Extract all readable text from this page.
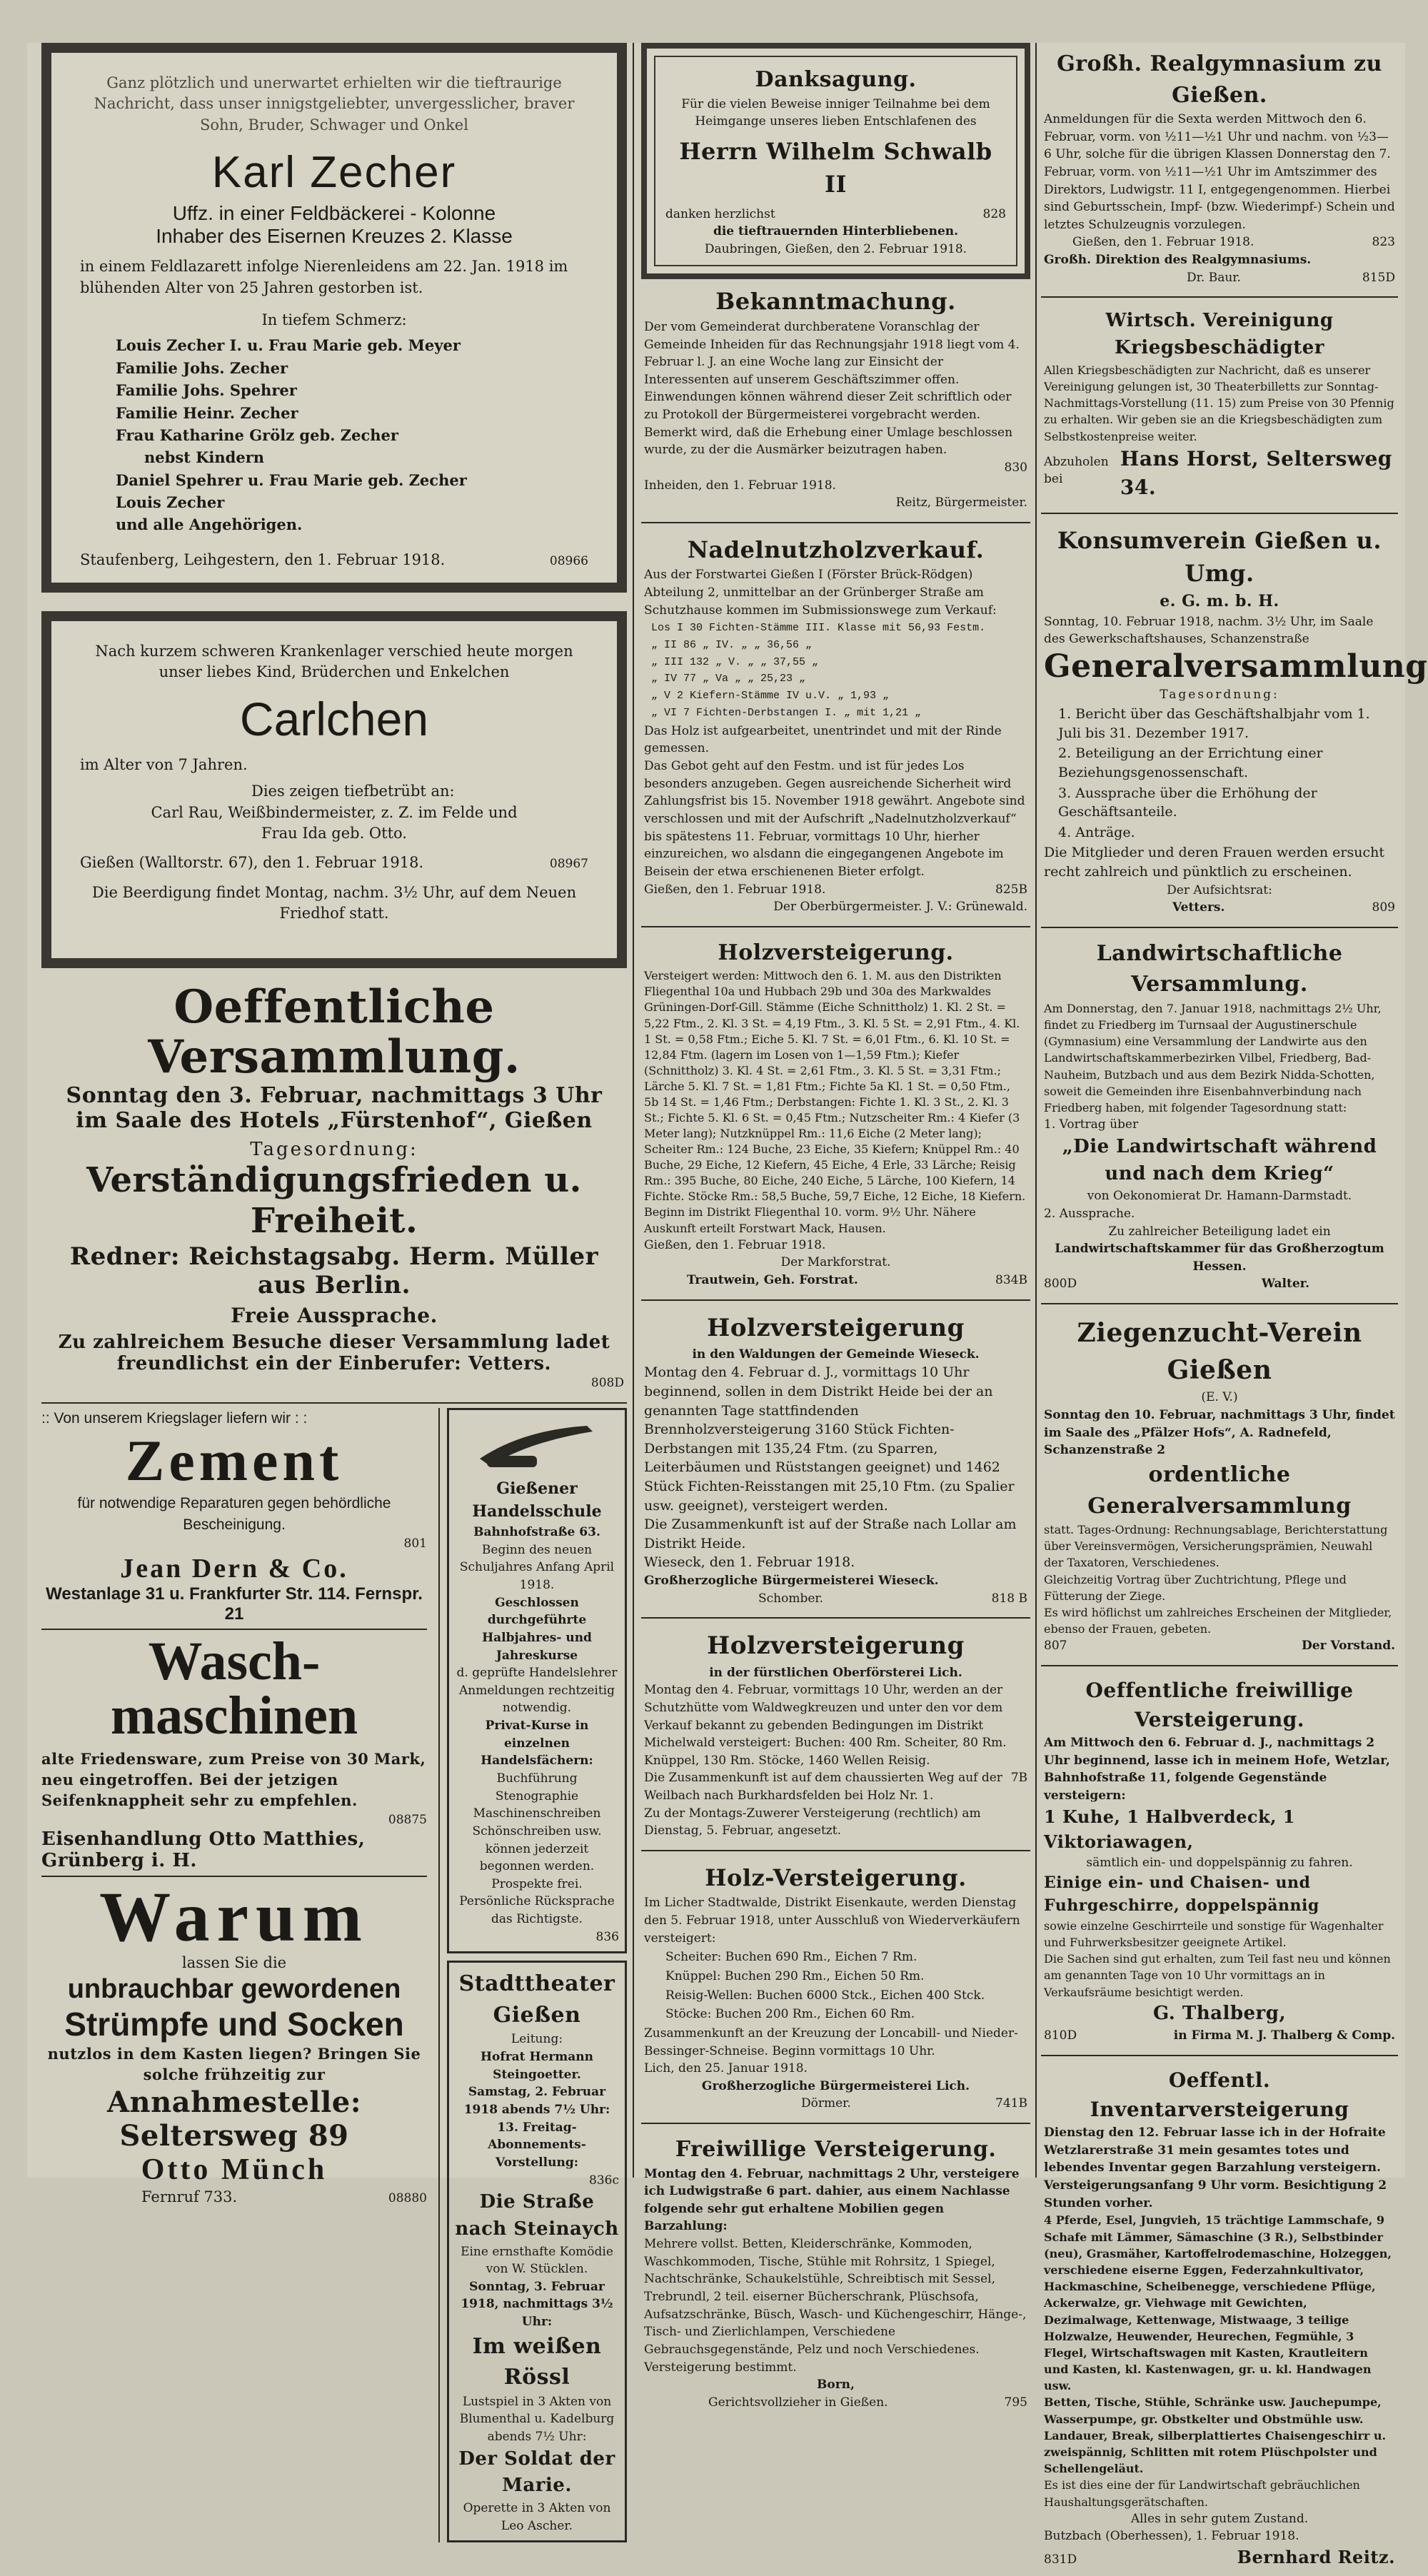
Ganz plötzlich und unerwartet erhielten wir die tieftraurige Nachricht, dass unser innigstgeliebter, unvergesslicher, braver Sohn, Bruder, Schwager und Onkel

Karl Zecher

Uffz. in einer Feldbäckerei - Kolonne

Inhaber des Eisernen Kreuzes 2. Klasse

in einem Feldlazarett infolge Nierenleidens am 22. Jan. 1918 im blühenden Alter von 25 Jahren gestorben ist.

In tiefem Schmerz:

Louis Zecher I. u. Frau Marie geb. Meyer

Familie Johs. Zecher

Familie Johs. Spehrer

Familie Heinr. Zecher

Frau Katharine Grölz geb. Zecher

nebst Kindern

Daniel Spehrer u. Frau Marie geb. Zecher

Louis Zecher

und alle Angehörigen.

Staufenberg, Leihgestern, den 1. Februar 1918.	08966

Nach kurzem schweren Krankenlager verschied heute morgen unser liebes Kind, Brüderchen und Enkelchen

Carlchen

im Alter von 7 Jahren.

Dies zeigen tiefbetrübt an:

Carl Rau, Weißbindermeister, z. Z. im Felde und Frau Ida geb. Otto.

Gießen (Walltorstr. 67), den 1. Februar 1918.	08967

Die Beerdigung findet Montag, nachm. 3½ Uhr, auf dem Neuen Friedhof statt.

Oeffentliche Versammlung.

Sonntag den 3. Februar, nachmittags 3 Uhr

im Saale des Hotels „Fürstenhof“, Gießen

Tagesordnung:

Verständigungsfrieden u. Freiheit.

Redner: Reichstagsabg. Herm. Müller aus Berlin.

Freie Aussprache.

Zu zahlreichem Besuche dieser Versammlung ladet freundlichst ein der Einberufer: Vetters.

808D

:: Von unserem Kriegslager liefern wir : :

Zement

für notwendige Reparaturen gegen behördliche Bescheinigung.

801

Jean Dern & Co.

Westanlage 31 u. Frankfurter Str. 114. Fernspr. 21

Wasch-

maschinen

alte Friedensware, zum Preise von 30 Mark, neu eingetroffen. Bei der jetzigen Seifenknappheit sehr zu empfehlen.

08875

Eisenhandlung Otto Matthies, Grünberg i. H.

Warum

lassen Sie die

unbrauchbar gewordenen

Strümpfe und Socken

nutzlos in dem Kasten liegen? Bringen Sie solche frühzeitig zur

Annahmestelle: Seltersweg 89

Otto Münch

Fernruf 733.	08880

Gießener Handelsschule

Bahnhofstraße 63.

Beginn des neuen Schuljahres Anfang April 1918.

Geschlossen durchgeführte Halbjahres- und Jahreskurse

d. geprüfte Handelslehrer Anmeldungen rechtzeitig notwendig.

Privat-Kurse in einzelnen Handelsfächern:

Buchführung

Stenographie

Maschinenschreiben

Schönschreiben usw.

können jederzeit begonnen werden.

Prospekte frei. Persönliche Rücksprache das Richtigste.

836

Stadttheater Gießen

Leitung:

Hofrat Hermann Steingoetter.

Samstag, 2. Februar 1918 abends 7½ Uhr:

13. Freitag-Abonnements-Vorstellung:

836c

Die Straße nach Steinaych

Eine ernsthafte Komödie von W. Stücklen.

Sonntag, 3. Februar 1918, nachmittags 3½ Uhr:

Im weißen Rössl

Lustspiel in 3 Akten von Blumenthal u. Kadelburg abends 7½ Uhr:

Der Soldat der Marie.

Operette in 3 Akten von Leo Ascher.

Danksagung.

Für die vielen Beweise inniger Teilnahme bei dem Heimgange unseres lieben Entschlafenen des

Herrn Wilhelm Schwalb II

danken herzlichst	828

die tieftrauernden Hinterbliebenen.

Daubringen, Gießen, den 2. Februar 1918.

Bekanntmachung.

Der vom Gemeinderat durchberatene Voranschlag der Gemeinde Inheiden für das Rechnungsjahr 1918 liegt vom 4. Februar l. J. an eine Woche lang zur Einsicht der Interessenten auf unserem Geschäftszimmer offen. Einwendungen können während dieser Zeit schriftlich oder zu Protokoll der Bürgermeisterei vorgebracht werden. Bemerkt wird, daß die Erhebung einer Umlage beschlossen wurde, zu der die Ausmärker beizutragen haben.

830

Inheiden, den 1. Februar 1918.

Reitz, Bürgermeister.

Nadelnutzholzverkauf.

Aus der Forstwartei Gießen I (Förster Brück-Rödgen) Abteilung 2, unmittelbar an der Grünberger Straße am Schutzhause kommen im Submissionswege zum Verkauf:

Los I 30 Fichten-Stämme III. Klasse mit 56,93 Festm.

„ II 86 „ IV. „ „ 36,56 „

„ III 132 „ V. „ „ 37,55 „

„ IV 77 „ Va „ „ 25,23 „

„ V 2 Kiefern-Stämme IV u.V. „ 1,93 „

„ VI 7 Fichten-Derbstangen I. „ mit 1,21 „

Das Holz ist aufgearbeitet, unentrindet und mit der Rinde gemessen.

Das Gebot geht auf den Festm. und ist für jedes Los besonders anzugeben. Gegen ausreichende Sicherheit wird Zahlungsfrist bis 15. November 1918 gewährt. Angebote sind verschlossen und mit der Aufschrift „Nadelnutzholzverkauf“ bis spätestens 11. Februar, vormittags 10 Uhr, hierher einzureichen, wo alsdann die eingegangenen Angebote im Beisein der etwa erschienenen Bieter erfolgt.

Gießen, den 1. Februar 1918.	825B

Der Oberbürgermeister. J. V.: Grünewald.

Holzversteigerung.

Versteigert werden: Mittwoch den 6. 1. M. aus den Distrikten Fliegenthal 10a und Hubbach 29b und 30a des Markwaldes Grüningen-Dorf-Gill. Stämme (Eiche Schnittholz) 1. Kl. 2 St. = 5,22 Ftm., 2. Kl. 3 St. = 4,19 Ftm., 3. Kl. 5 St. = 2,91 Ftm., 4. Kl. 1 St. = 0,58 Ftm.; Eiche 5. Kl. 7 St. = 6,01 Ftm., 6. Kl. 10 St. = 12,84 Ftm. (lagern im Losen von 1—1,59 Ftm.); Kiefer (Schnittholz) 3. Kl. 4 St. = 2,61 Ftm., 3. Kl. 5 St. = 3,31 Ftm.; Lärche 5. Kl. 7 St. = 1,81 Ftm.; Fichte 5a Kl. 1 St. = 0,50 Ftm., 5b 14 St. = 1,46 Ftm.; Derbstangen: Fichte 1. Kl. 3 St., 2. Kl. 3 St.; Fichte 5. Kl. 6 St. = 0,45 Ftm.; Nutzscheiter Rm.: 4 Kiefer (3 Meter lang); Nutzknüppel Rm.: 11,6 Eiche (2 Meter lang); Scheiter Rm.: 124 Buche, 23 Eiche, 35 Kiefern; Knüppel Rm.: 40 Buche, 29 Eiche, 12 Kiefern, 45 Eiche, 4 Erle, 33 Lärche; Reisig Rm.: 395 Buche, 80 Eiche, 240 Eiche, 5 Lärche, 100 Kiefern, 14 Fichte. Stöcke Rm.: 58,5 Buche, 59,7 Eiche, 12 Eiche, 18 Kiefern. Beginn im Distrikt Fliegenthal 10. vorm. 9½ Uhr. Nähere Auskunft erteilt Forstwart Mack, Hausen.

Gießen, den 1. Februar 1918.

Der Markforstrat.

Trautwein, Geh. Forstrat.	834B

Holzversteigerung

in den Waldungen der Gemeinde Wieseck.

Montag den 4. Februar d. J., vormittags 10 Uhr beginnend, sollen in dem Distrikt Heide bei der an genannten Tage stattfindenden Brennholzversteigerung 3160 Stück Fichten-Derbstangen mit 135,24 Ftm. (zu Sparren, Leiterbäumen und Rüststangen geeignet) und 1462 Stück Fichten-Reisstangen mit 25,10 Ftm. (zu Spalier usw. geeignet), versteigert werden.

Die Zusammenkunft ist auf der Straße nach Lollar am Distrikt Heide.

Wieseck, den 1. Februar 1918.

Großherzogliche Bürgermeisterei Wieseck.

Schomber.	818 B

Holzversteigerung

in der fürstlichen Oberförsterei Lich.

Montag den 4. Februar, vormittags 10 Uhr, werden an der Schutzhütte vom Waldwegkreuzen und unter den vor dem Verkauf bekannt zu gebenden Bedingungen im Distrikt Michelwald versteigert: Buchen: 400 Rm. Scheiter, 80 Rm. Knüppel, 130 Rm. Stöcke, 1460 Wellen Reisig.

Die Zusammenkunft ist auf dem chaussierten Weg auf der Weilbach nach Burkhardsfelden bei Holz Nr. 1.
7B

Zu der Montags-Zuwerer Versteigerung (rechtlich) am Dienstag, 5. Februar, angesetzt.

Holz-Versteigerung.

Im Licher Stadtwalde, Distrikt Eisenkaute, werden Dienstag den 5. Februar 1918, unter Ausschluß von Wiederverkäufern versteigert:

Scheiter: Buchen 690 Rm., Eichen 7 Rm.

Knüppel: Buchen 290 Rm., Eichen 50 Rm.

Reisig-Wellen: Buchen 6000 Stck., Eichen 400 Stck.

Stöcke: Buchen 200 Rm., Eichen 60 Rm.

Zusammenkunft an der Kreuzung der Loncabill- und Nieder-Bessinger-Schneise. Beginn vormittags 10 Uhr.

Lich, den 25. Januar 1918.

Großherzogliche Bürgermeisterei Lich.

Dörmer.	741B

Freiwillige Versteigerung.

Montag den 4. Februar, nachmittags 2 Uhr, versteigere ich Ludwigstraße 6 part. dahier, aus einem Nachlasse folgende sehr gut erhaltene Mobilien gegen Barzahlung:

Mehrere vollst. Betten, Kleiderschränke, Kommoden, Waschkommoden, Tische, Stühle mit Rohrsitz, 1 Spiegel, Nachtschränke, Schaukelstühle, Schreibtisch mit Sessel, Trebrundl, 2 teil. eiserner Bücherschrank, Plüschsofa, Aufsatzschränke, Büsch, Wasch- und Küchengeschirr, Hänge-, Tisch- und Zierlichlampen, Verschiedene Gebrauchsgegenstände, Pelz und noch Verschiedenes.

Versteigerung bestimmt.

Born,

Gerichtsvollzieher in Gießen.	795

Großh. Realgymnasium zu Gießen.

Anmeldungen für die Sexta werden Mittwoch den 6. Februar, vorm. von ½11—½1 Uhr und nachm. von ½3—6 Uhr, solche für die übrigen Klassen Donnerstag den 7. Februar, vorm. von ½11—½1 Uhr im Amtszimmer des Direktors, Ludwigstr. 11 I, entgegengenommen. Hierbei sind Geburtsschein, Impf- (bzw. Wiederimpf-) Schein und letztes Schulzeugnis vorzulegen.

Gießen, den 1. Februar 1918.	823

Großh. Direktion des Realgymnasiums.

Dr. Baur.	815D

Wirtsch. Vereinigung Kriegsbeschädigter

Allen Kriegsbeschädigten zur Nachricht, daß es unserer Vereinigung gelungen ist, 30 Theaterbilletts zur Sonntag-Nachmittags-Vorstellung (11. 15) zum Preise von 30 Pfennig zu erhalten. Wir geben sie an die Kriegsbeschädigten zum Selbstkostenpreise weiter.

Abzuholen bei
Hans Horst, Seltersweg 34.

Konsumverein Gießen u. Umg.

e. G. m. b. H.

Sonntag, 10. Februar 1918, nachm. 3½ Uhr, im Saale des Gewerkschaftshauses, Schanzenstraße

Generalversammlung

Tagesordnung:

1. Bericht über das Geschäftshalbjahr vom 1. Juli bis 31. Dezember 1917.

2. Beteiligung an der Errichtung einer Beziehungsgenossenschaft.

3. Aussprache über die Erhöhung der Geschäftsanteile.

4. Anträge.

Die Mitglieder und deren Frauen werden ersucht recht zahlreich und pünktlich zu erscheinen.

Der Aufsichtsrat:

Vetters.	809

Landwirtschaftliche Versammlung.

Am Donnerstag, den 7. Januar 1918, nachmittags 2½ Uhr, findet zu Friedberg im Turnsaal der Augustinerschule (Gymnasium) eine Versammlung der Landwirte aus den Landwirtschaftskammerbezirken Vilbel, Friedberg, Bad-Nauheim, Butzbach und aus dem Bezirk Nidda-Schotten, soweit die Gemeinden ihre Eisenbahnverbindung nach Friedberg haben, mit folgender Tagesordnung statt:

1. Vortrag über

„Die Landwirtschaft während und nach dem Krieg“

von Oekonomierat Dr. Hamann-Darmstadt.

2. Aussprache.

Zu zahlreicher Beteiligung ladet ein

Landwirtschaftskammer für das Großherzogtum Hessen.

800D	Walter.

Ziegenzucht-Verein Gießen

(E. V.)

Sonntag den 10. Februar, nachmittags 3 Uhr, findet im Saale des „Pfälzer Hofs“, A. Radnefeld, Schanzenstraße 2

ordentliche Generalversammlung

statt. Tages-Ordnung: Rechnungsablage, Berichterstattung über Vereinsvermögen, Versicherungsprämien, Neuwahl der Taxatoren, Verschiedenes.

Gleichzeitig Vortrag über Zuchtrichtung, Pflege und Fütterung der Ziege.

Es wird höflichst um zahlreiches Erscheinen der Mitglieder, ebenso der Frauen, gebeten.

807	Der Vorstand.

Oeffentliche freiwillige Versteigerung.

Am Mittwoch den 6. Februar d. J., nachmittags 2 Uhr beginnend, lasse ich in meinem Hofe, Wetzlar, Bahnhofstraße 11, folgende Gegenstände versteigern:

1 Kuhe, 1 Halbverdeck, 1 Viktoriawagen,

sämtlich ein- und doppelspännig zu fahren.

Einige ein- und Chaisen- und Fuhrgeschirre, doppelspännig

sowie einzelne Geschirrteile und sonstige für Wagenhalter und Fuhrwerksbesitzer geeignete Artikel.

Die Sachen sind gut erhalten, zum Teil fast neu und können am genannten Tage von 10 Uhr vormittags an in Verkaufsräume besichtigt werden.

G. Thalberg,

810D	in Firma M. J. Thalberg & Comp.

Oeffentl. Inventarversteigerung

Dienstag den 12. Februar lasse ich in der Hofraite Wetzlarerstraße 31 mein gesamtes totes und lebendes Inventar gegen Barzahlung versteigern. Versteigerungsanfang 9 Uhr vorm. Besichtigung 2 Stunden vorher.

4 Pferde, Esel, Jungvieh, 15 trächtige Lammschafe, 9 Schafe mit Lämmer, Sämaschine (3 R.), Selbstbinder (neu), Grasmäher, Kartoffelrodemaschine, Holzeggen, verschiedene eiserne Eggen, Federzahnkultivator, Hackmaschine, Scheibenegge, verschiedene Pflüge, Ackerwalze, gr. Viehwage mit Gewichten, Dezimalwage, Kettenwage, Mistwaage, 3 teilige Holzwalze, Heuwender, Heurechen, Fegmühle, 3 Flegel, Wirtschaftswagen mit Kasten, Krautleitern und Kasten, kl. Kastenwagen, gr. u. kl. Handwagen usw.

Betten, Tische, Stühle, Schränke usw. Jauchepumpe, Wasserpumpe, gr. Obstkelter und Obstmühle usw.

Landauer, Break, silberplattiertes Chaisengeschirr u. zweispännig, Schlitten mit rotem Plüschpolster und Schellengeläut.

Es ist dies eine der für Landwirtschaft gebräuchlichen Haushaltungsgerätschaften.

Alles in sehr gutem Zustand.

Butzbach (Oberhessen), 1. Februar 1918.

831D	Bernhard Reitz.
